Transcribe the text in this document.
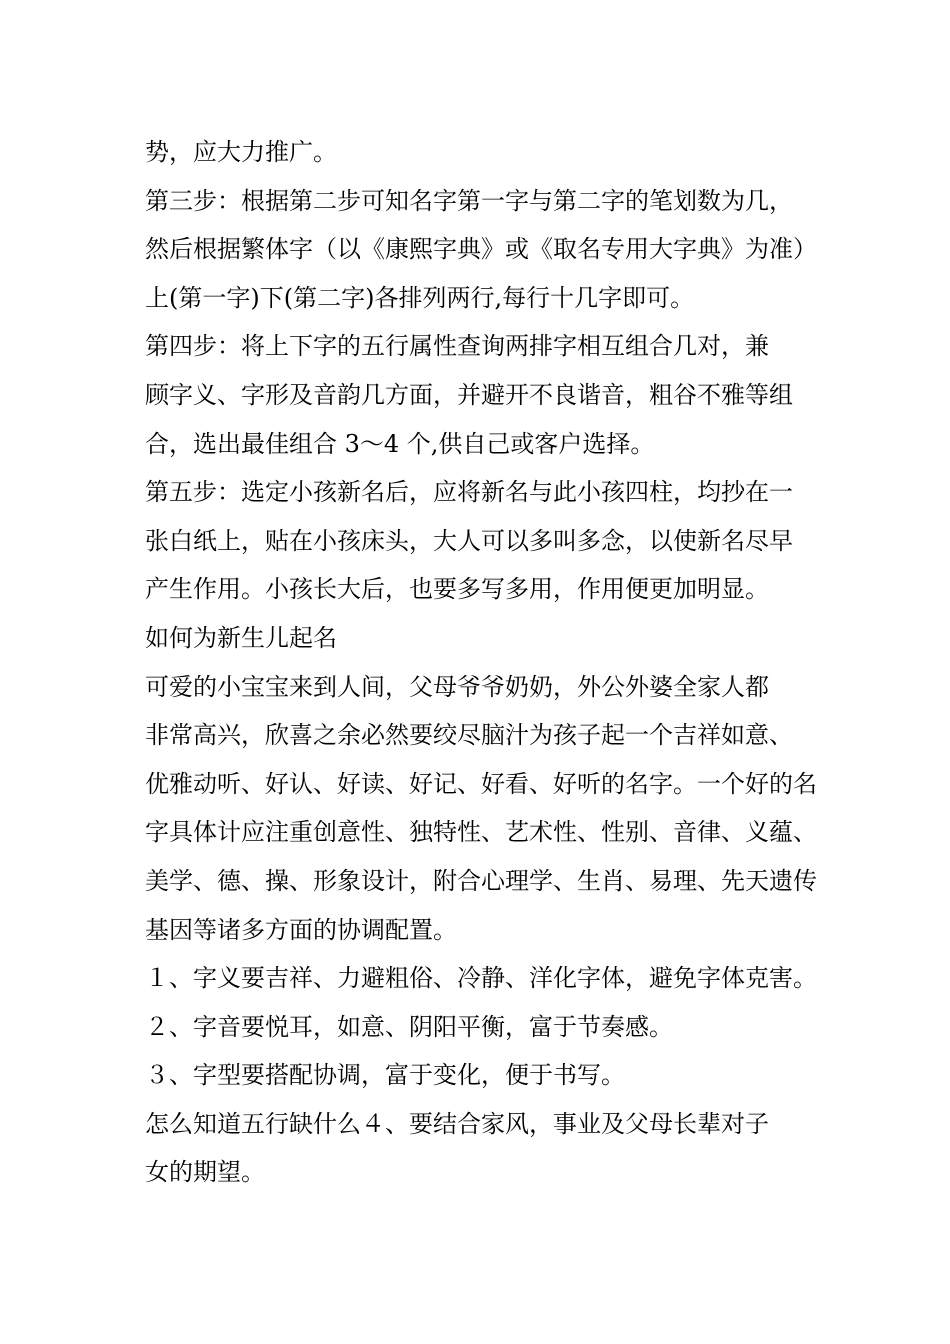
势，应大力推广。
第三步：根据第二步可知名字第一字与第二字的笔划数为几，
然后根据繁体字（以《康熙字典》或《取名专用大字典》为准）
上(第一字)下(第二字)各排列两行,每行十几字即可。
第四步：将上下字的五行属性查询两排字相互组合几对，兼
顾字义、字形及音韵几方面，并避开不良谐音，粗谷不雅等组
合，选出最佳组合 3～4 个,供自己或客户选择。
第五步：选定小孩新名后，应将新名与此小孩四柱，均抄在一
张白纸上，贴在小孩床头，大人可以多叫多念，以使新名尽早
产生作用。小孩长大后，也要多写多用，作用便更加明显。
如何为新生儿起名
可爱的小宝宝来到人间，父母爷爷奶奶，外公外婆全家人都
非常高兴，欣喜之余必然要绞尽脑汁为孩子起一个吉祥如意、
优雅动听、好认、好读、好记、好看、好听的名字。一个好的名
字具体计应注重创意性、独特性、艺术性、性别、音律、义蕴、
美学、德、操、形象设计，附合心理学、生肖、易理、先天遗传
基因等诸多方面的协调配置。
１、字义要吉祥、力避粗俗、冷静、洋化字体，避免字体克害。
２、字音要悦耳，如意、阴阳平衡，富于节奏感。
３、字型要搭配协调，富于变化，便于书写。
怎么知道五行缺什么４、要结合家风，事业及父母长辈对子
女的期望。
